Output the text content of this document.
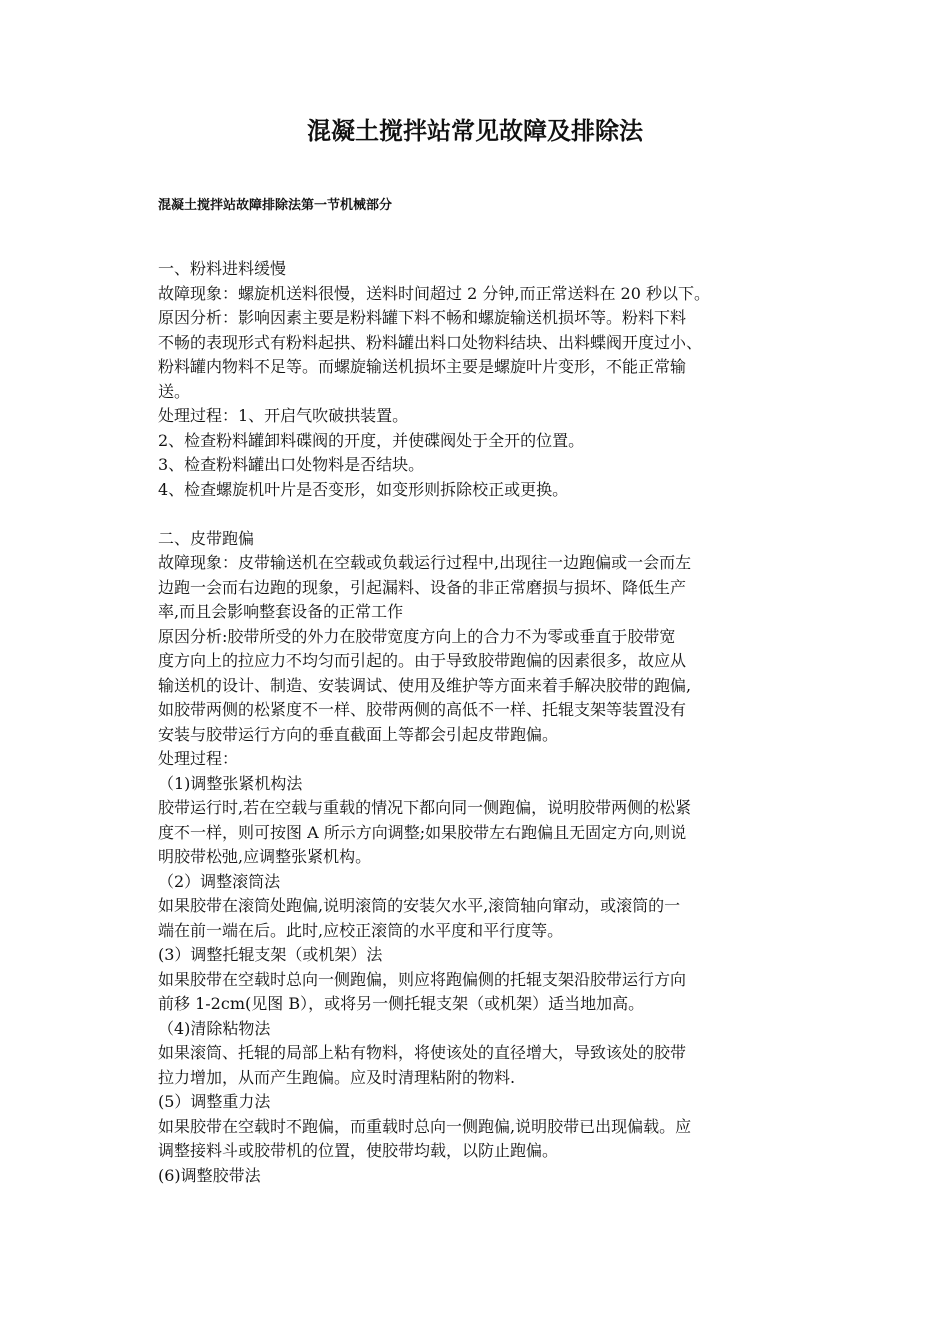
混凝土搅拌站常见故障及排除法
混凝土搅拌站故障排除法第一节机械部分

一、粉料进料缓慢

故障现象：螺旋机送料很慢，送料时间超过 2 分钟,而正常送料在 20 秒以下。

原因分析：影响因素主要是粉料罐下料不畅和螺旋输送机损坏等。粉料下料

不畅的表现形式有粉料起拱、粉料罐出料口处物料结块、出料蝶阀开度过小、

粉料罐内物料不足等。而螺旋输送机损坏主要是螺旋叶片变形，不能正常输

送。

处理过程：1、开启气吹破拱装置。

2、检查粉料罐卸料碟阀的开度，并使碟阀处于全开的位置。

3、检查粉料罐出口处物料是否结块。

4、检查螺旋机叶片是否变形，如变形则拆除校正或更换。

二、皮带跑偏

故障现象：皮带输送机在空载或负载运行过程中,出现往一边跑偏或一会而左

边跑一会而右边跑的现象，引起漏料、设备的非正常磨损与损坏、降低生产

率,而且会影响整套设备的正常工作

原因分析:胶带所受的外力在胶带宽度方向上的合力不为零或垂直于胶带宽

度方向上的拉应力不均匀而引起的。由于导致胶带跑偏的因素很多，故应从

输送机的设计、制造、安装调试、使用及维护等方面来着手解决胶带的跑偏,

如胶带两侧的松紧度不一样、胶带两侧的高低不一样、托辊支架等装置没有

安装与胶带运行方向的垂直截面上等都会引起皮带跑偏。

处理过程：

（1)调整张紧机构法

胶带运行时,若在空载与重载的情况下都向同一侧跑偏，说明胶带两侧的松紧

度不一样，则可按图 A 所示方向调整;如果胶带左右跑偏且无固定方向,则说

明胶带松弛,应调整张紧机构。

（2）调整滚筒法

如果胶带在滚筒处跑偏,说明滚筒的安装欠水平,滚筒轴向窜动，或滚筒的一

端在前一端在后。此时,应校正滚筒的水平度和平行度等。

(3）调整托辊支架（或机架）法

如果胶带在空载时总向一侧跑偏，则应将跑偏侧的托辊支架沿胶带运行方向

前移 1-2cm(见图 B），或将另一侧托辊支架（或机架）适当地加高。

（4)清除粘物法

如果滚筒、托辊的局部上粘有物料，将使该处的直径增大，导致该处的胶带

拉力增加，从而产生跑偏。应及时清理粘附的物料.

(5）调整重力法

如果胶带在空载时不跑偏，而重载时总向一侧跑偏,说明胶带已出现偏载。应

调整接料斗或胶带机的位置，使胶带均载，以防止跑偏。

(6)调整胶带法
